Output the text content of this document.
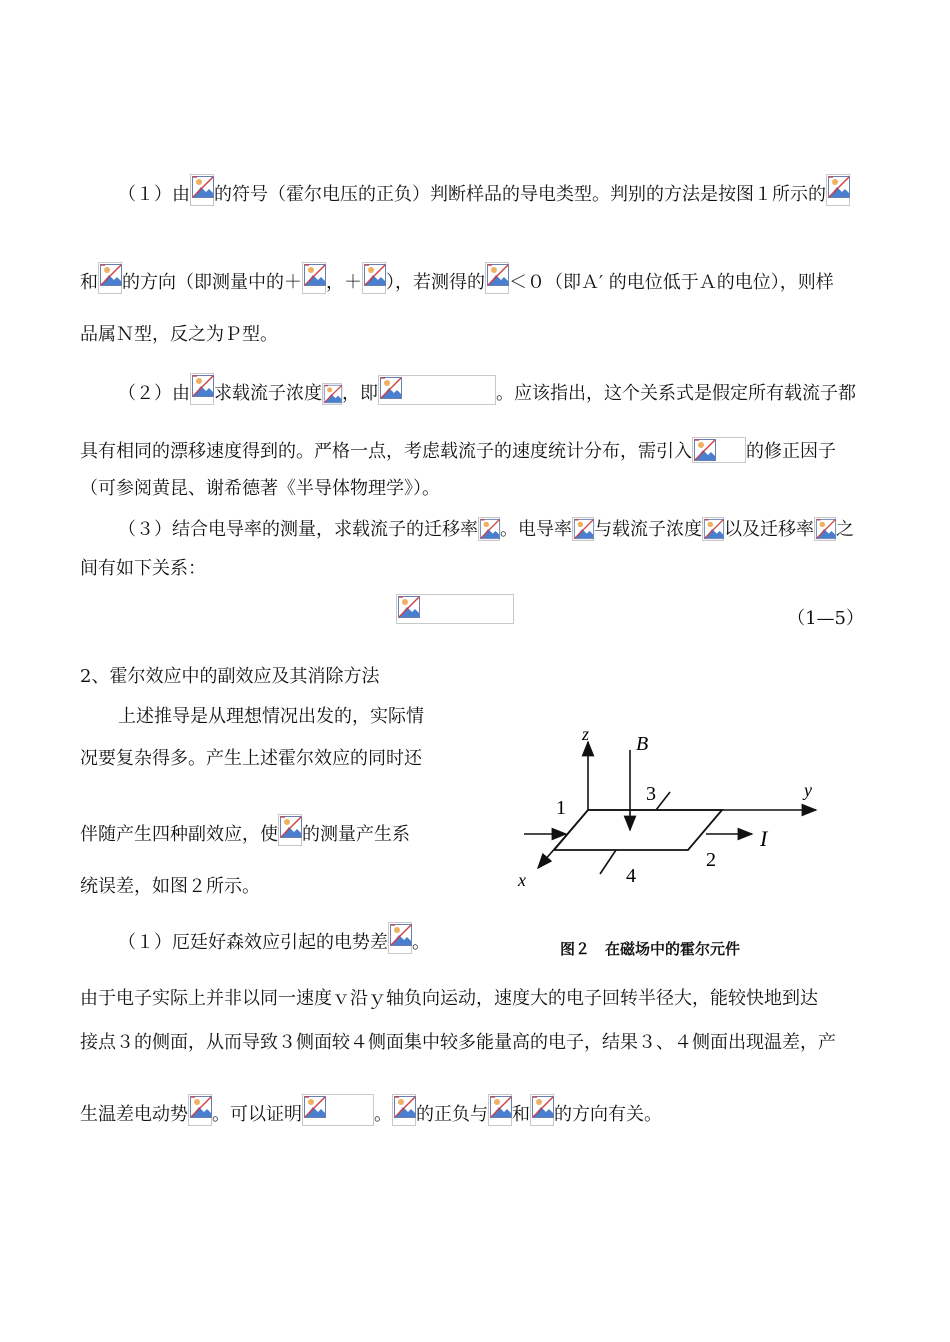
（１）由 的符号（霍尔电压的正负）判断样品的导电类型。判别的方法是按图１所示的
和 的方向（即测量中的＋ ，＋ ），若测得的 ＜０（即Ａ′ 的电位低于Ａ的电位），则样
品属Ｎ型，反之为Ｐ型。
（２）由 求载流子浓度 ，即	。应该指出，这个关系式是假定所有载流子都
具有相同的漂移速度得到的。严格一点，考虑载流子的速度统计分布，需引入	的修正因子
（可参阅黄昆、谢希德著《半导体物理学》）。
（３）结合电导率的测量，求载流子的迁移率 。电导率 与载流子浓度 以及迁移率 之
间有如下关系：
（1—5）
2、霍尔效应中的副效应及其消除方法
上述推导是从理想情况出发的，实际情
况要复杂得多。产生上述霍尔效应的同时还
伴随产生四种副效应，使 的测量产生系
统误差，如图２所示。
（１）厄廷好森效应引起的电势差 。
由于电子实际上并非以同一速度ｖ沿ｙ轴负向运动，速度大的电子回转半径大，能较快地到达
接点３的侧面，从而导致３侧面较４侧面集中较多能量高的电子，结果３、４侧面出现温差，产
生温差电动势 。可以证明	。 的正负与 和 的方向有关。
z B
y
x
I
1
2
3
4
图２　在磁场中的霍尔元件
